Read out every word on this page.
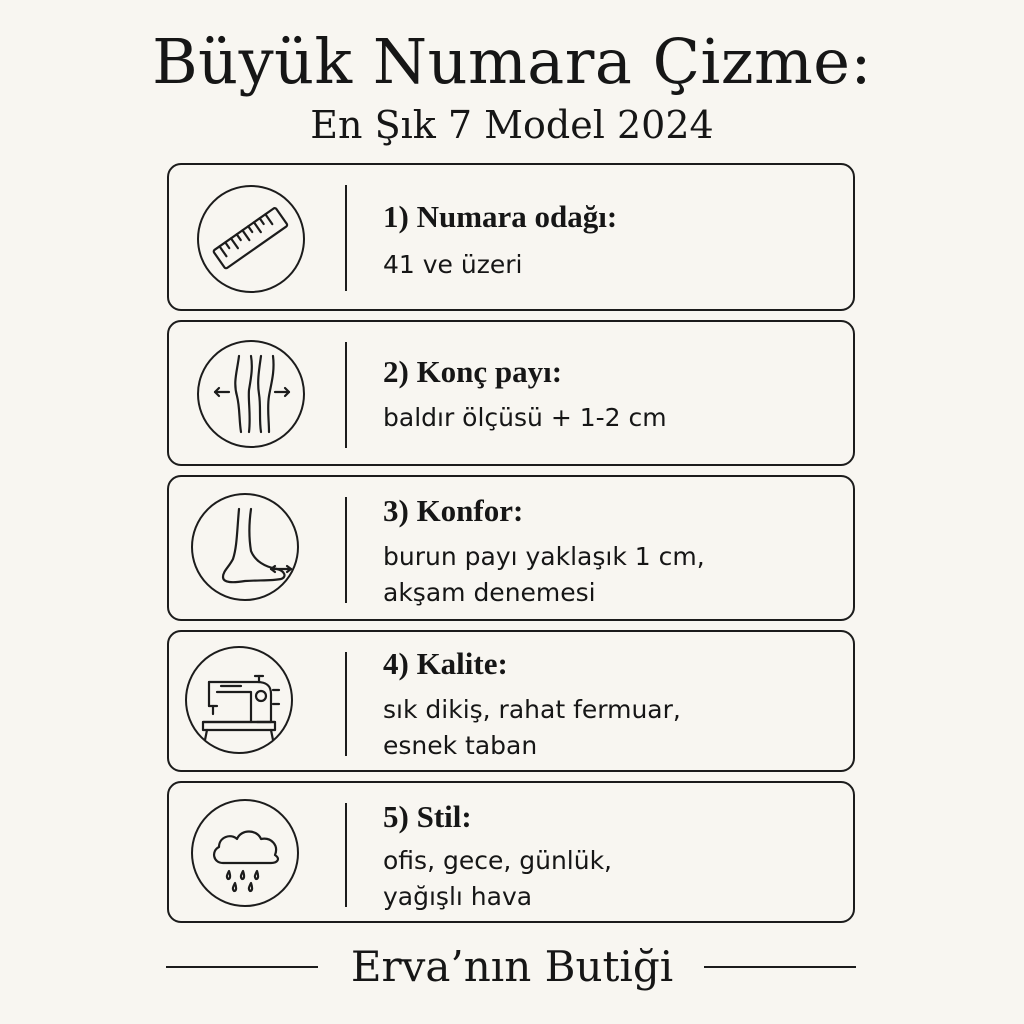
Büyük Numara Çizme:
En Şık 7 Model 2024
1) Numara odağı:
41 ve üzeri
2) Konç payı:
baldır ölçüsü + 1-2 cm
3) Konfor:
burun payı yaklaşık 1 cm,
akşam denemesi
4) Kalite:
sık dikiş, rahat fermuar,
esnek taban
5) Stil:
ofis, gece, günlük,
yağışlı hava
Erva’nın Butiği
